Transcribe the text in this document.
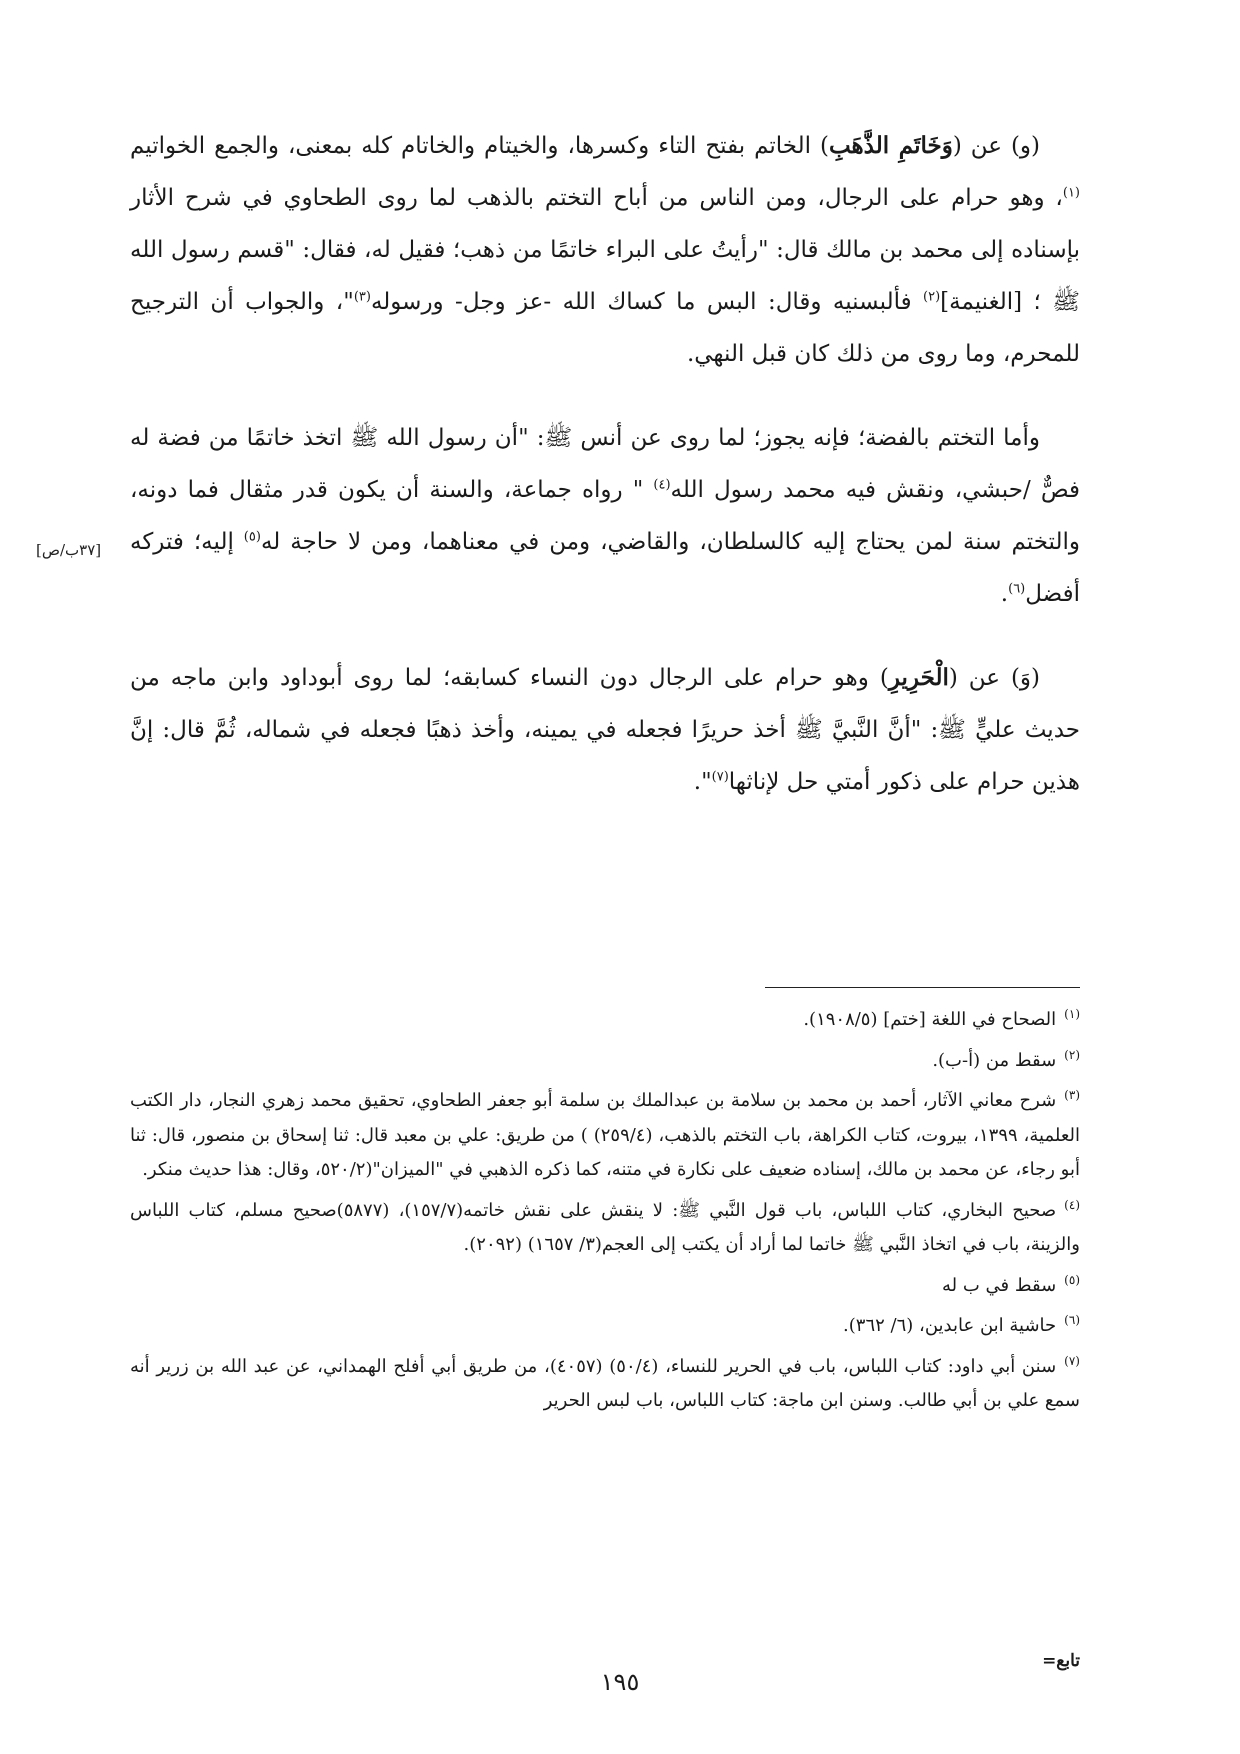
(و) عن (وَخَاتَمِ الذَّهَبِ) الخاتم بفتح التاء وكسرها، والخيتام والخاتام كله بمعنى، والجمع الخواتيم $^{(١)}$، وهو حرام على الرجال، ومن الناس من أباح التختم بالذهب لما روى الطحاوي في شرح الأثار بإسناده إلى محمد بن مالك قال: "رأيتُ على البراء خاتمًا من ذهب؛ فقيل له، فقال: "قسم رسول الله ﷺ ؛ [الغنيمة]$^{(٢)}$ فألبسنيه وقال: البس ما كساك الله -عز وجل- ورسوله$^{(٣)}$"، والجواب أن الترجيح للمحرم، وما روى من ذلك كان قبل النهي.

وأما التختم بالفضة؛ فإنه يجوز؛ لما روى عن أنس ﷺ: "أن رسول الله ﷺ اتخذ خاتمًا من فضة له فصٌّ /حبشي، ونقش فيه محمد رسول الله$^{(٤)}$ " رواه جماعة، والسنة أن يكون قدر مثقال فما دونه، والتختم سنة لمن يحتاج إليه كالسلطان، والقاضي، ومن في معناهما، ومن لا حاجة له$^{(٥)}$ إليه؛ فتركه أفضل$^{(٦)}$.

(وَ) عن (الْحَرِيرِ) وهو حرام على الرجال دون النساء كسابقه؛ لما روى أبوداود وابن ماجه من حديث عليٍّ ﷺ: "أنَّ النَّبيَّ ﷺ أخذ حريرًا فجعله في يمينه، وأخذ ذهبًا فجعله في شماله، ثُمَّ قال: إنَّ هذين حرام على ذكور أمتي حل لإناثها$^{(٧)}$".

[٣٧ب/ص]

$^{(١)}$الصحاح في اللغة [ختم] (١٩٠٨/٥).

$^{(٢)}$سقط من (أ-ب).

$^{(٣)}$شرح معاني الآثار، أحمد بن محمد بن سلامة بن عبدالملك بن سلمة أبو جعفر الطحاوي، تحقيق محمد زهري النجار، دار الكتب العلمية، ١٣٩٩، بيروت، كتاب الكراهة، باب التختم بالذهب، (٢٥٩/٤) ) من طريق: علي بن معبد قال: ثنا إسحاق بن منصور، قال: ثنا أبو رجاء، عن محمد بن مالك، إسناده ضعيف على نكارة في متنه، كما ذكره الذهبي في "الميزان"(٥٢٠/٢، وقال: هذا حديث منكر.

$^{(٤)}$صحيح البخاري، كتاب اللباس، باب قول النَّبي ﷺ: لا ينقش على نقش خاتمه(١٥٧/٧)، (٥٨٧٧)صحيح مسلم، كتاب اللباس والزينة، باب في اتخاذ النَّبي ﷺ خاتما لما أراد أن يكتب إلى العجم(٣/ ١٦٥٧) (٢٠٩٢).

$^{(٥)}$سقط في ب له

$^{(٦)}$حاشية ابن عابدين، (٦/ ٣٦٢).

$^{(٧)}$سنن أبي داود: كتاب اللباس، باب في الحرير للنساء، (٥٠/٤) (٤٠٥٧)، من طريق أبي أفلح الهمداني، عن عبد الله بن زرير أنه سمع علي بن أبي طالب. وسنن ابن ماجة: كتاب اللباس، باب لبس الحرير

تابع=
١٩٥
